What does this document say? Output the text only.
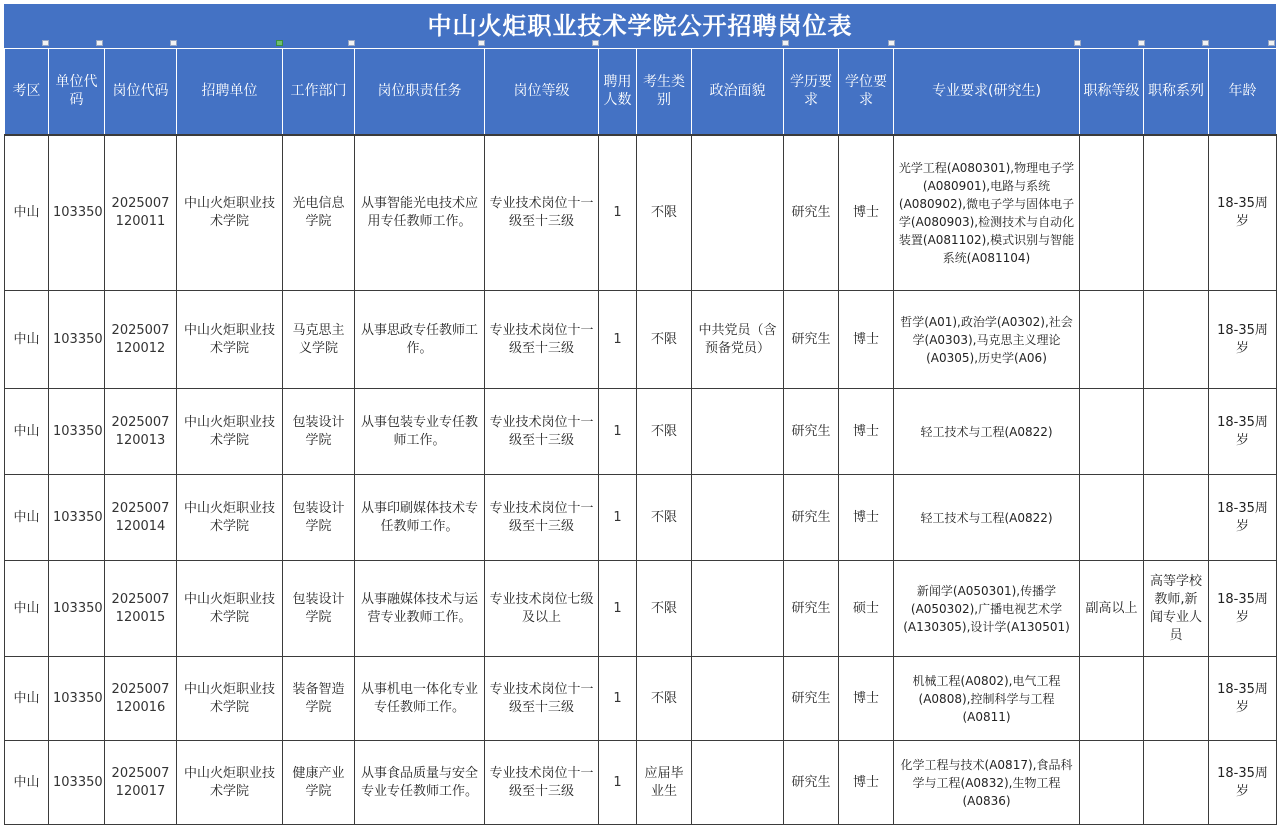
中山火炬职业技术学院公开招聘岗位表
考区	单位代码	岗位代码	招聘单位	工作部门	岗位职责任务	岗位等级	聘用人数	考生类别	政治面貌	学历要求	学位要求	专业要求(研究生)	职称等级	职称系列	年龄
中山	103350	2025007120011	中山火炬职业技术学院	光电信息学院	从事智能光电技术应用专任教师工作。	专业技术岗位十一级至十三级	1	不限		研究生	博士	光学工程(A080301),物理电子学(A080901),电路与系统(A080902),微电子学与固体电子学(A080903),检测技术与自动化装置(A081102),模式识别与智能系统(A081104)			18-35周岁
中山	103350	2025007120012	中山火炬职业技术学院	马克思主义学院	从事思政专任教师工作。	专业技术岗位十一级至十三级	1	不限	中共党员（含预备党员）	研究生	博士	哲学(A01),政治学(A0302),社会学(A0303),马克思主义理论(A0305),历史学(A06)			18-35周岁
中山	103350	2025007120013	中山火炬职业技术学院	包装设计学院	从事包装专业专任教师工作。	专业技术岗位十一级至十三级	1	不限		研究生	博士	轻工技术与工程(A0822)			18-35周岁
中山	103350	2025007120014	中山火炬职业技术学院	包装设计学院	从事印刷媒体技术专任教师工作。	专业技术岗位十一级至十三级	1	不限		研究生	博士	轻工技术与工程(A0822)			18-35周岁
中山	103350	2025007120015	中山火炬职业技术学院	包装设计学院	从事融媒体技术与运营专业教师工作。	专业技术岗位七级及以上	1	不限		研究生	硕士	新闻学(A050301),传播学(A050302),广播电视艺术学(A130305),设计学(A130501)	副高以上	高等学校教师,新闻专业人员	18-35周岁
中山	103350	2025007120016	中山火炬职业技术学院	装备智造学院	从事机电一体化专业专任教师工作。	专业技术岗位十一级至十三级	1	不限		研究生	博士	机械工程(A0802),电气工程(A0808),控制科学与工程(A0811)			18-35周岁
中山	103350	2025007120017	中山火炬职业技术学院	健康产业学院	从事食品质量与安全专业专任教师工作。	专业技术岗位十一级至十三级	1	应届毕业生		研究生	博士	化学工程与技术(A0817),食品科学与工程(A0832),生物工程(A0836)			18-35周岁
